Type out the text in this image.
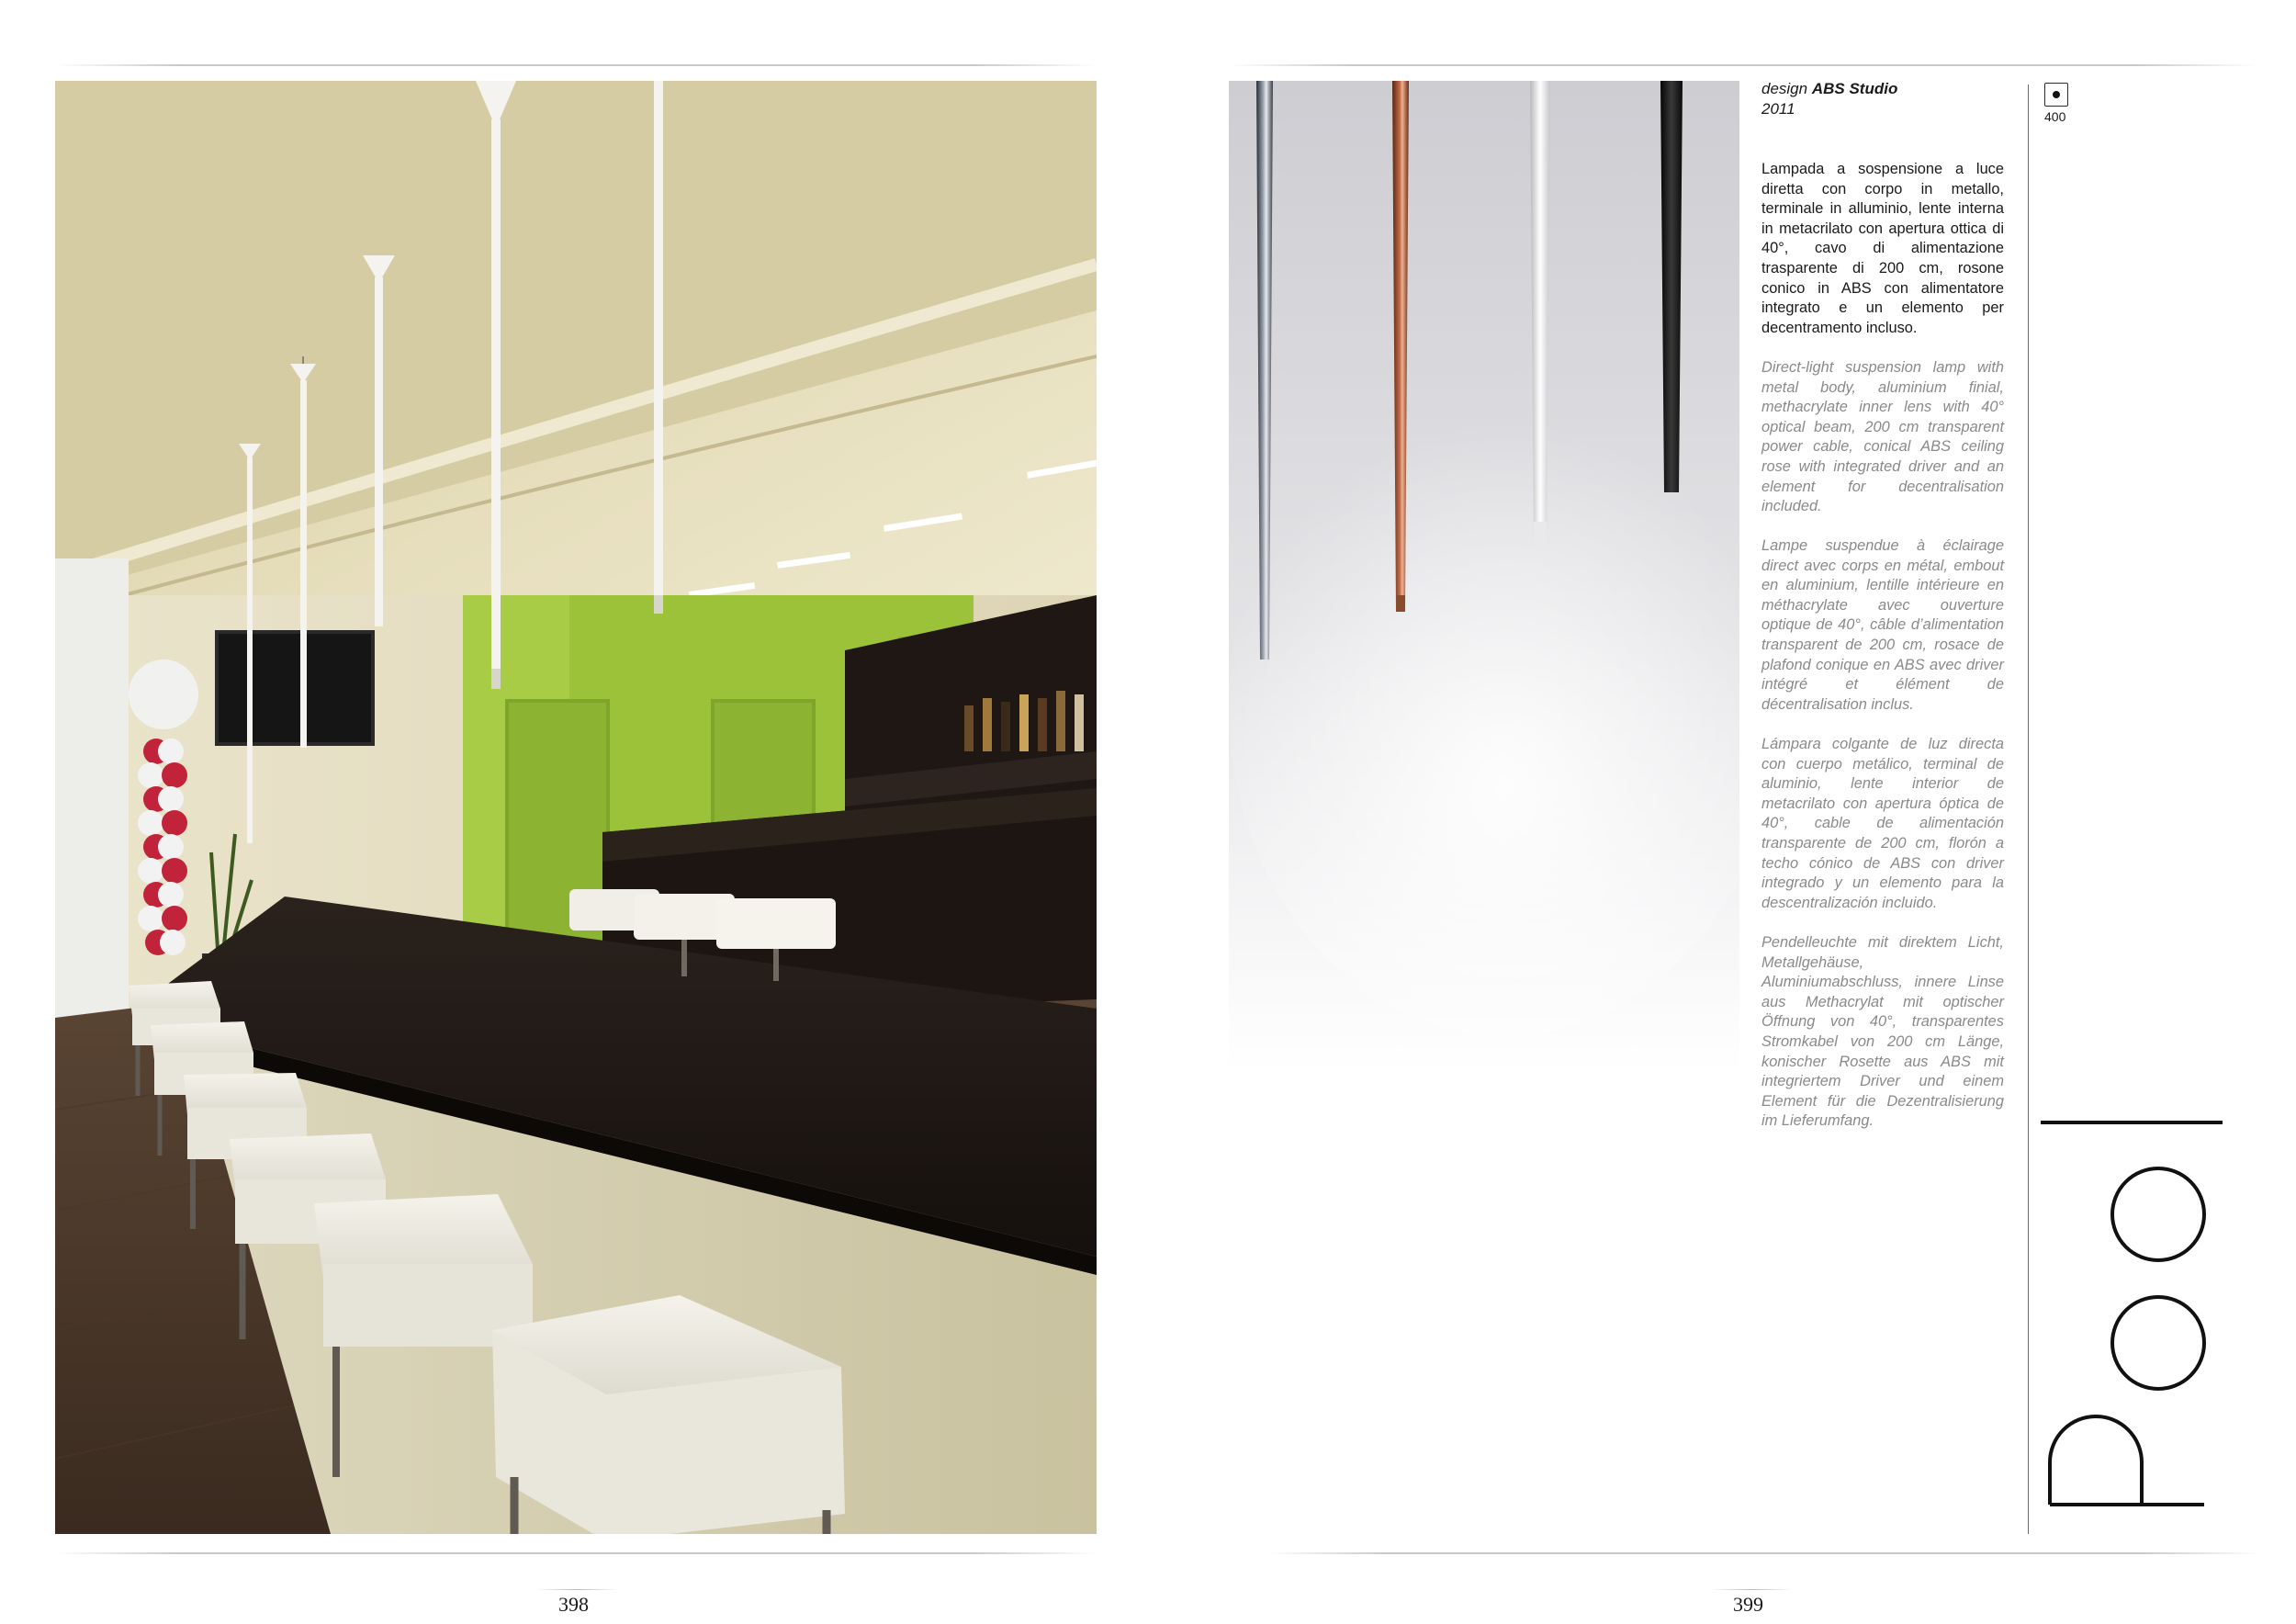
design ABS Studio
2011

Lampada a sospensione a luce diretta con corpo in metallo, terminale in alluminio, lente interna in metacrilato con apertura ottica di 40°, cavo di alimentazione trasparente di 200 cm, rosone conico in ABS con alimentatore integrato e un elemento per decentramento incluso.

Direct-light suspension lamp with metal body, aluminium finial, methacrylate inner lens with 40° optical beam, 200 cm transparent power cable, conical ABS ceiling rose with integrated driver and an element for decentralisation included.

Lampe suspendue à éclairage direct avec corps en métal, embout en aluminium, lentille intérieure en méthacrylate avec ouverture optique de 40°, câble d’alimentation transparent de 200 cm, rosace de plafond conique en ABS avec driver intégré et élément de décentralisation inclus.

Lámpara colgante de luz directa con cuerpo metálico, terminal de aluminio, lente interior de metacrilato con apertura óptica de 40°, cable de alimentación transparente de 200 cm, florón a techo cónico de ABS con driver integrado y un elemento para la descentralización incluido.

Pendelleuchte mit direktem Licht, Metallgehäuse, Aluminiumabschluss, innere Linse aus Methacrylat mit optischer Öffnung von 40°, transparentes Stromkabel von 200 cm Länge, konischer Rosette aus ABS mit integriertem Driver und einem Element für die Dezentralisierung im Lieferumfang.

400
398	399
